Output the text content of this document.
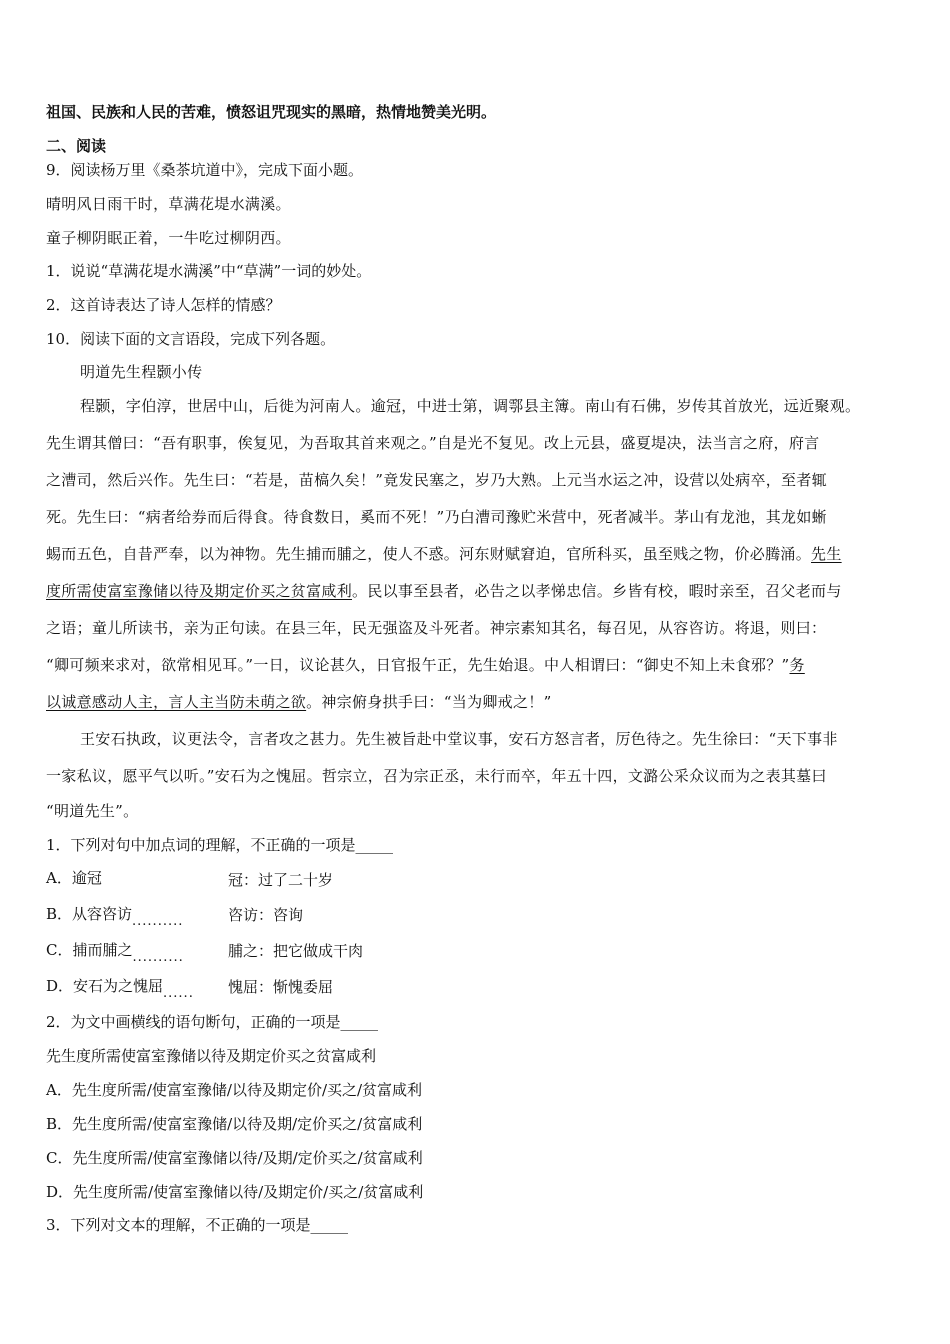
祖国、民族和人民的苦难，愤怒诅咒现实的黑暗，热情地赞美光明。
二、阅读
9．阅读杨万里《桑茶坑道中》，完成下面小题。
晴明风日雨干时，草满花堤水满溪。
童子柳阴眠正着，一牛吃过柳阴西。
1．说说“草满花堤水满溪”中“草满”一词的妙处。
2．这首诗表达了诗人怎样的情感？
10．阅读下面的文言语段，完成下列各题。
明道先生程颢小传
程颢，字伯淳，世居中山，后徙为河南人。逾冠，中进士第，调鄠县主簿。南山有石佛，岁传其首放光，远近聚观。
先生谓其僧曰：“吾有职事，俟复见，为吾取其首来观之。”自是光不复见。改上元县，盛夏堤决，法当言之府，府言
之漕司，然后兴作。先生曰：“若是，苗槁久矣！”竟发民塞之，岁乃大熟。上元当水运之冲，设营以处病卒，至者辄
死。先生曰：“病者给券而后得食。待食数日，奚而不死！”乃白漕司豫贮米营中，死者减半。茅山有龙池，其龙如蜥
蜴而五色，自昔严奉，以为神物。先生捕而脯之，使人不惑。河东财赋窘迫，官所科买，虽至贱之物，价必腾涌。先生
度所需使富室豫储以待及期定价买之贫富咸利。民以事至县者，必告之以孝悌忠信。乡皆有校，暇时亲至，召父老而与
之语；童儿所读书，亲为正句读。在县三年，民无强盗及斗死者。神宗素知其名，每召见，从容咨访。将退，则曰：
“卿可频来求对，欲常相见耳。”一日，议论甚久，日官报午正，先生始退。中人相谓曰：“御史不知上未食邪？”务
以诚意感动人主，言人主当防未萌之欲。神宗俯身拱手曰：“当为卿戒之！”
王安石执政，议更法令，言者攻之甚力。先生被旨赴中堂议事，安石方怒言者，厉色待之。先生徐曰：“天下事非
一家私议，愿平气以听。”安石为之愧屈。哲宗立，召为宗正丞，未行而卒，年五十四，文潞公采众议而为之表其墓曰
“明道先生”。
1．下列对句中加点词的理解，不正确的一项是_____
A．逾冠	冠：过了二十岁
B．从容咨访..........	咨访：咨询
C．捕而脯之..........	脯之：把它做成干肉
D．安石为之愧屈...... 愧屈：惭愧委屈
2．为文中画横线的语句断句，正确的一项是_____
先生度所需使富室豫储以待及期定价买之贫富咸利
A．先生度所需/使富室豫储/以待及期定价/买之/贫富咸利
B．先生度所需/使富室豫储/以待及期/定价买之/贫富咸利
C．先生度所需/使富室豫储以待/及期/定价买之/贫富咸利
D．先生度所需/使富室豫储以待/及期定价/买之/贫富咸利
3．下列对文本的理解，不正确的一项是_____
